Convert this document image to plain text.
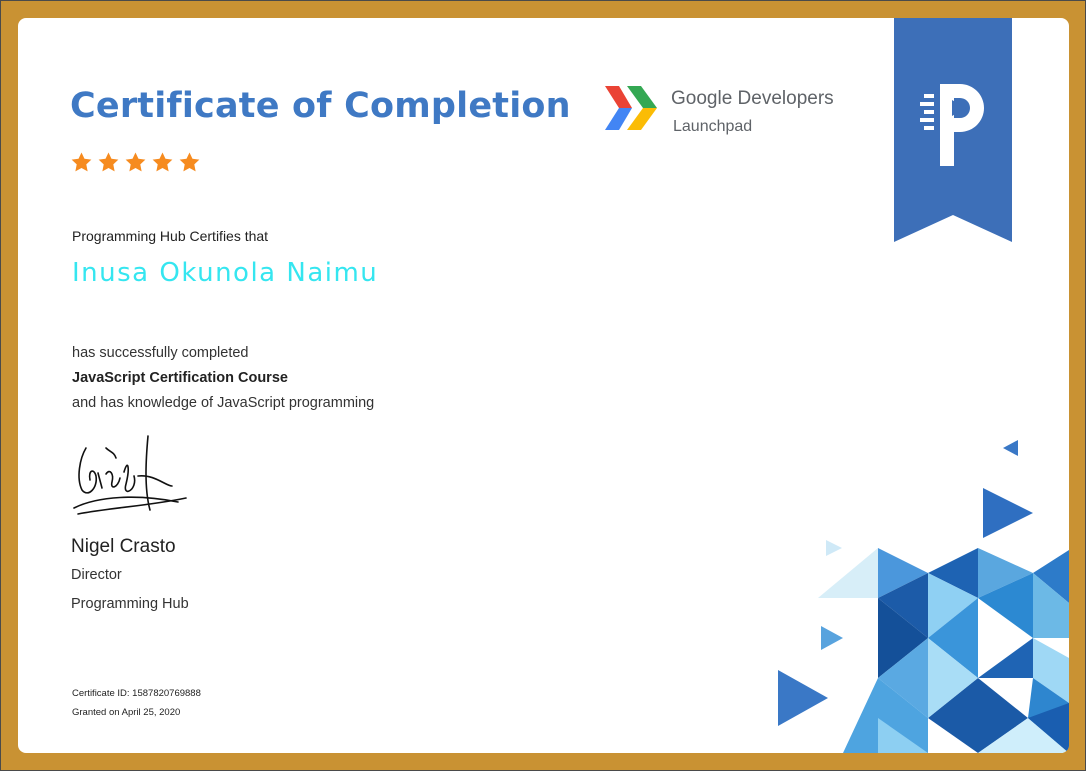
Certificate of Completion	Google Developers
Launchpad
Programming Hub Certifies that
Inusa Okunola Naimu
has successfully completed
JavaScript Certification Course
and has knowledge of JavaScript programming
Nigel Crasto
Director
Programming Hub
Certificate ID: 1587820769888
Granted on April 25, 2020
